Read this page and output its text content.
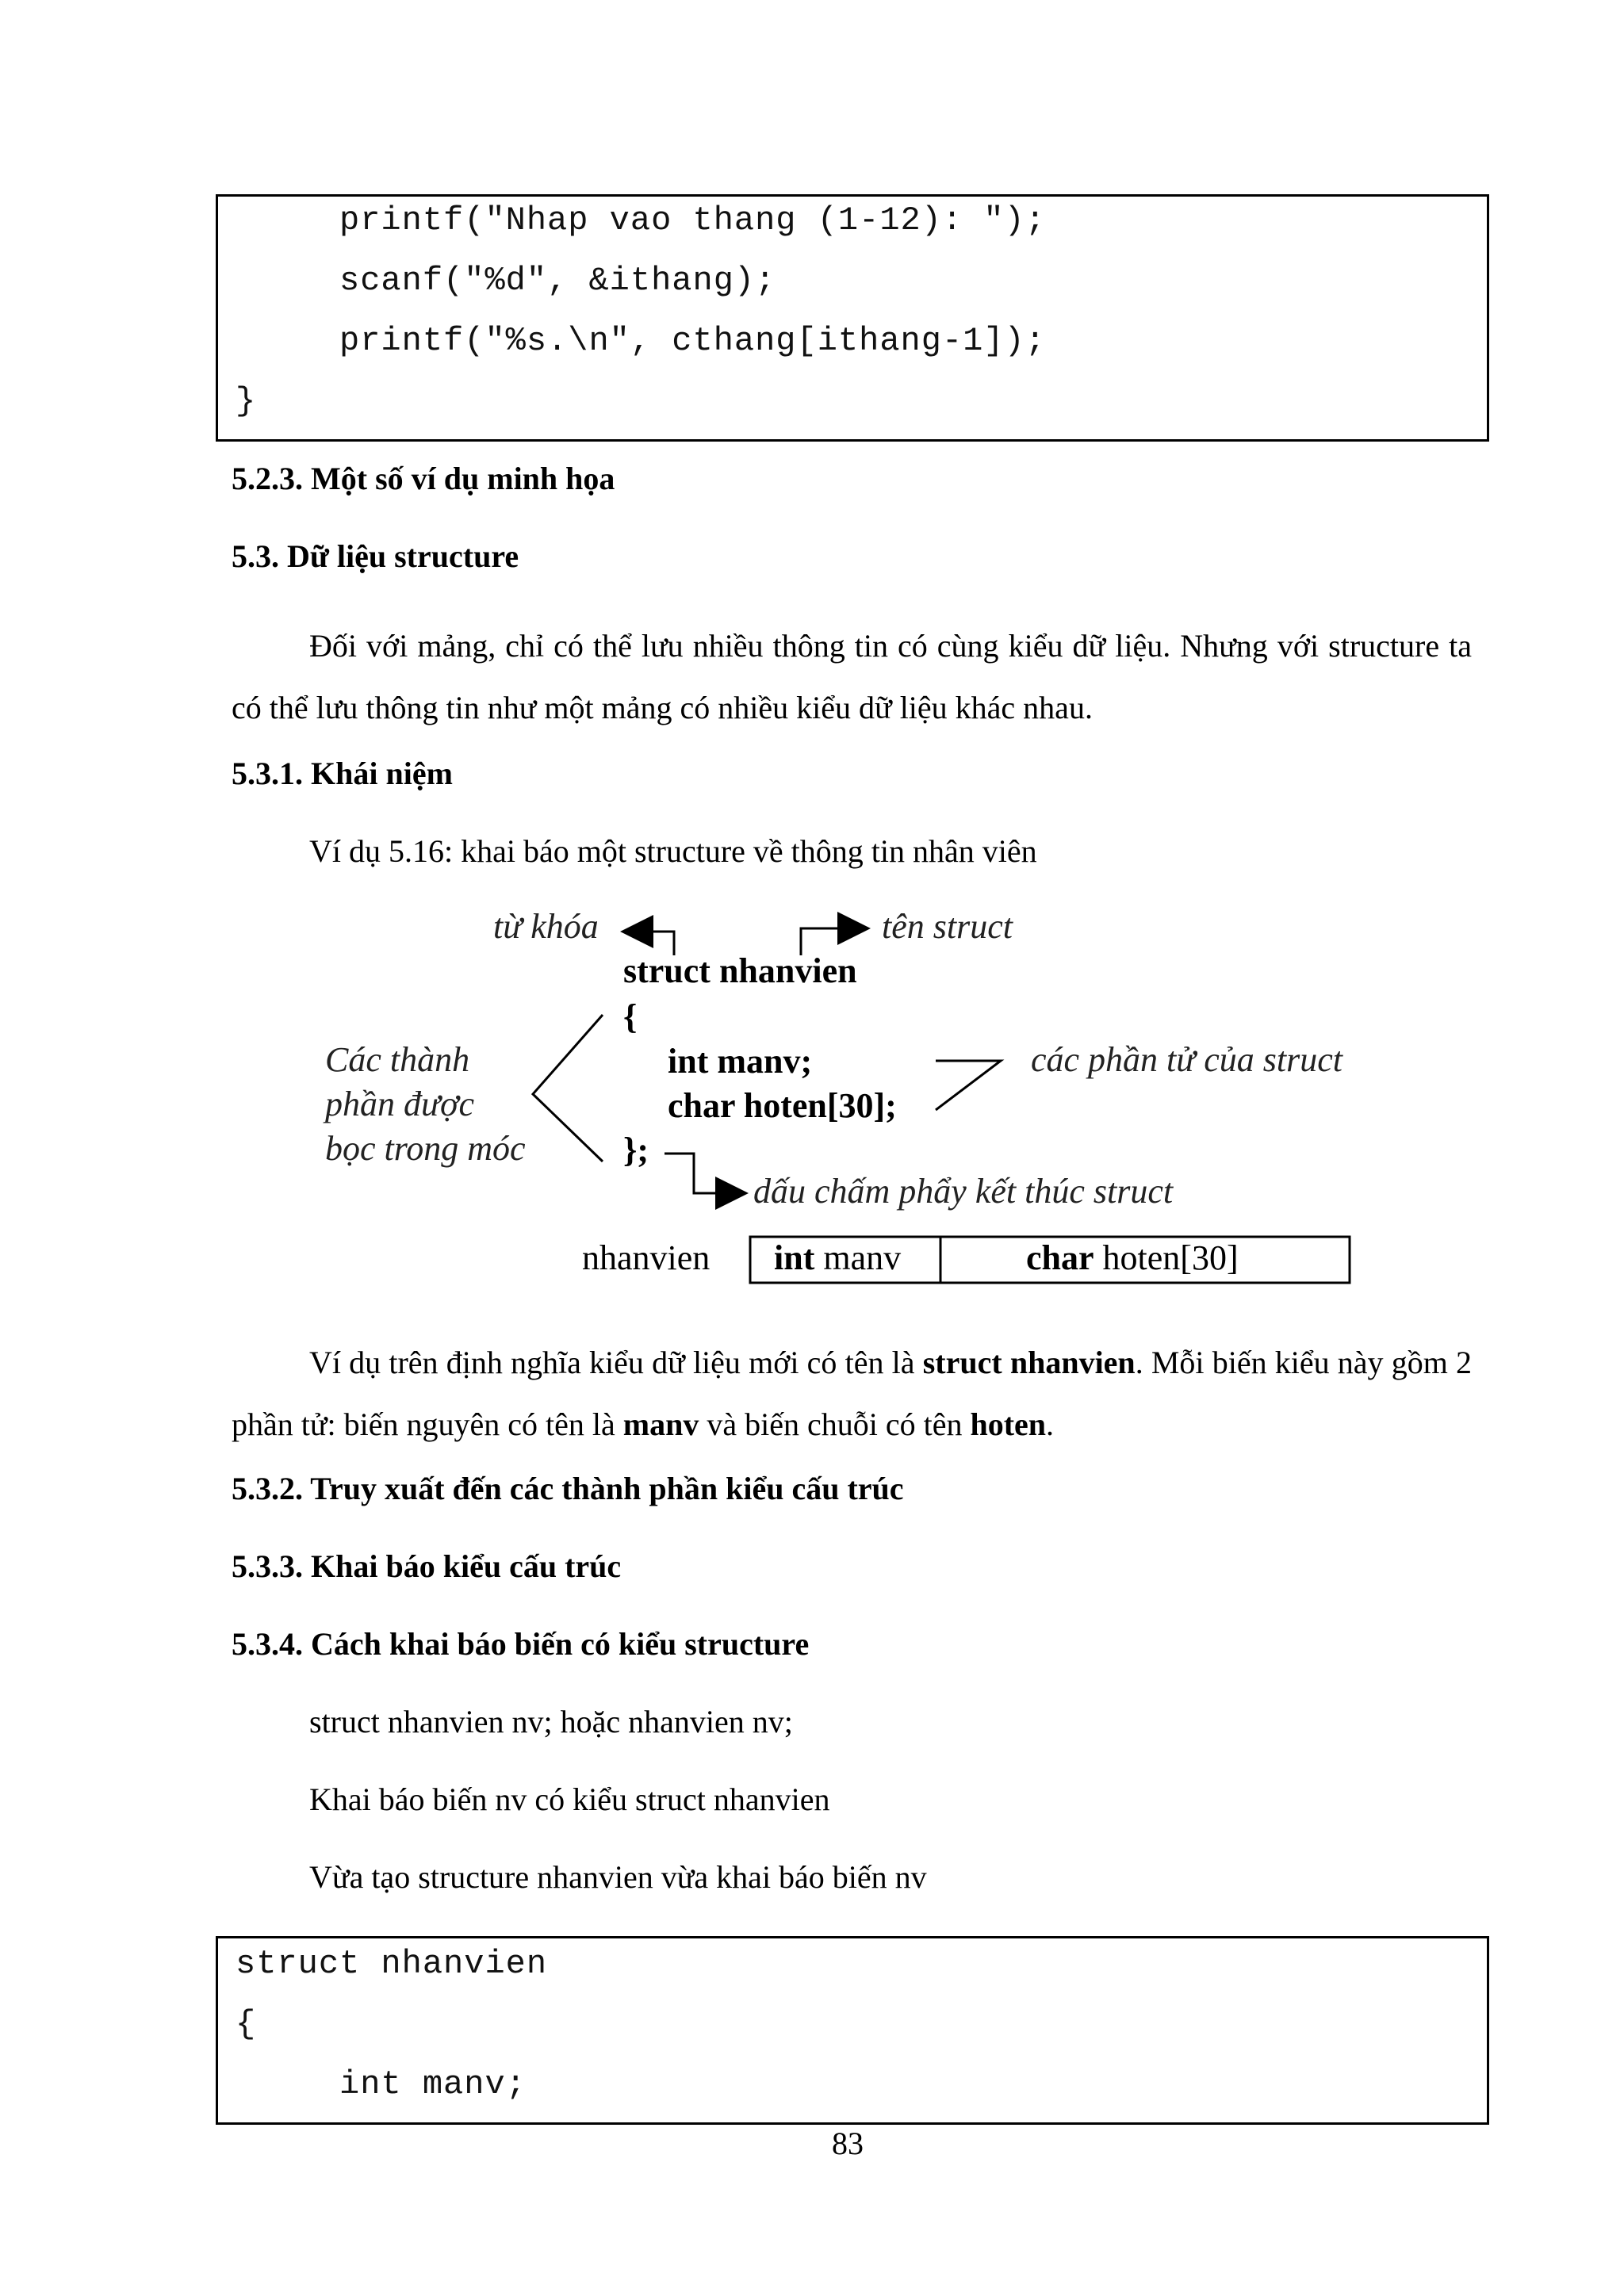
printf("Nhap vao thang (1-12): ");
scanf("%d", &ithang);
printf("%s.\n", cthang[ithang-1]);
}
5.2.3. Một số ví dụ minh họa
5.3. Dữ liệu structure
Đối với mảng, chỉ có thể lưu nhiều thông tin có cùng kiểu dữ liệu. Nhưng với structure ta có thể lưu thông tin như một mảng có nhiều kiểu dữ liệu khác nhau.
5.3.1. Khái niệm
Ví dụ 5.16: khai báo một structure về thông tin nhân viên
từ khóa	tên struct
struct nhanvien
{
int manv;
char hoten[30];
};
Các thành
phần được
bọc trong móc
các phần tử của struct
dấu chấm phẩy kết thúc struct
nhanvien int manv	char hoten[30]
Ví dụ trên định nghĩa kiểu dữ liệu mới có tên là struct nhanvien. Mỗi biến kiểu này gồm 2 phần tử: biến nguyên có tên là manv và biến chuỗi có tên hoten.
5.3.2. Truy xuất đến các thành phần kiểu cấu trúc
5.3.3. Khai báo kiểu cấu trúc
5.3.4. Cách khai báo biến có kiểu structure
struct nhanvien nv; hoặc nhanvien nv;
Khai báo biến nv có kiểu struct nhanvien
Vừa tạo structure nhanvien vừa khai báo biến nv
struct nhanvien
{
int manv;
83
